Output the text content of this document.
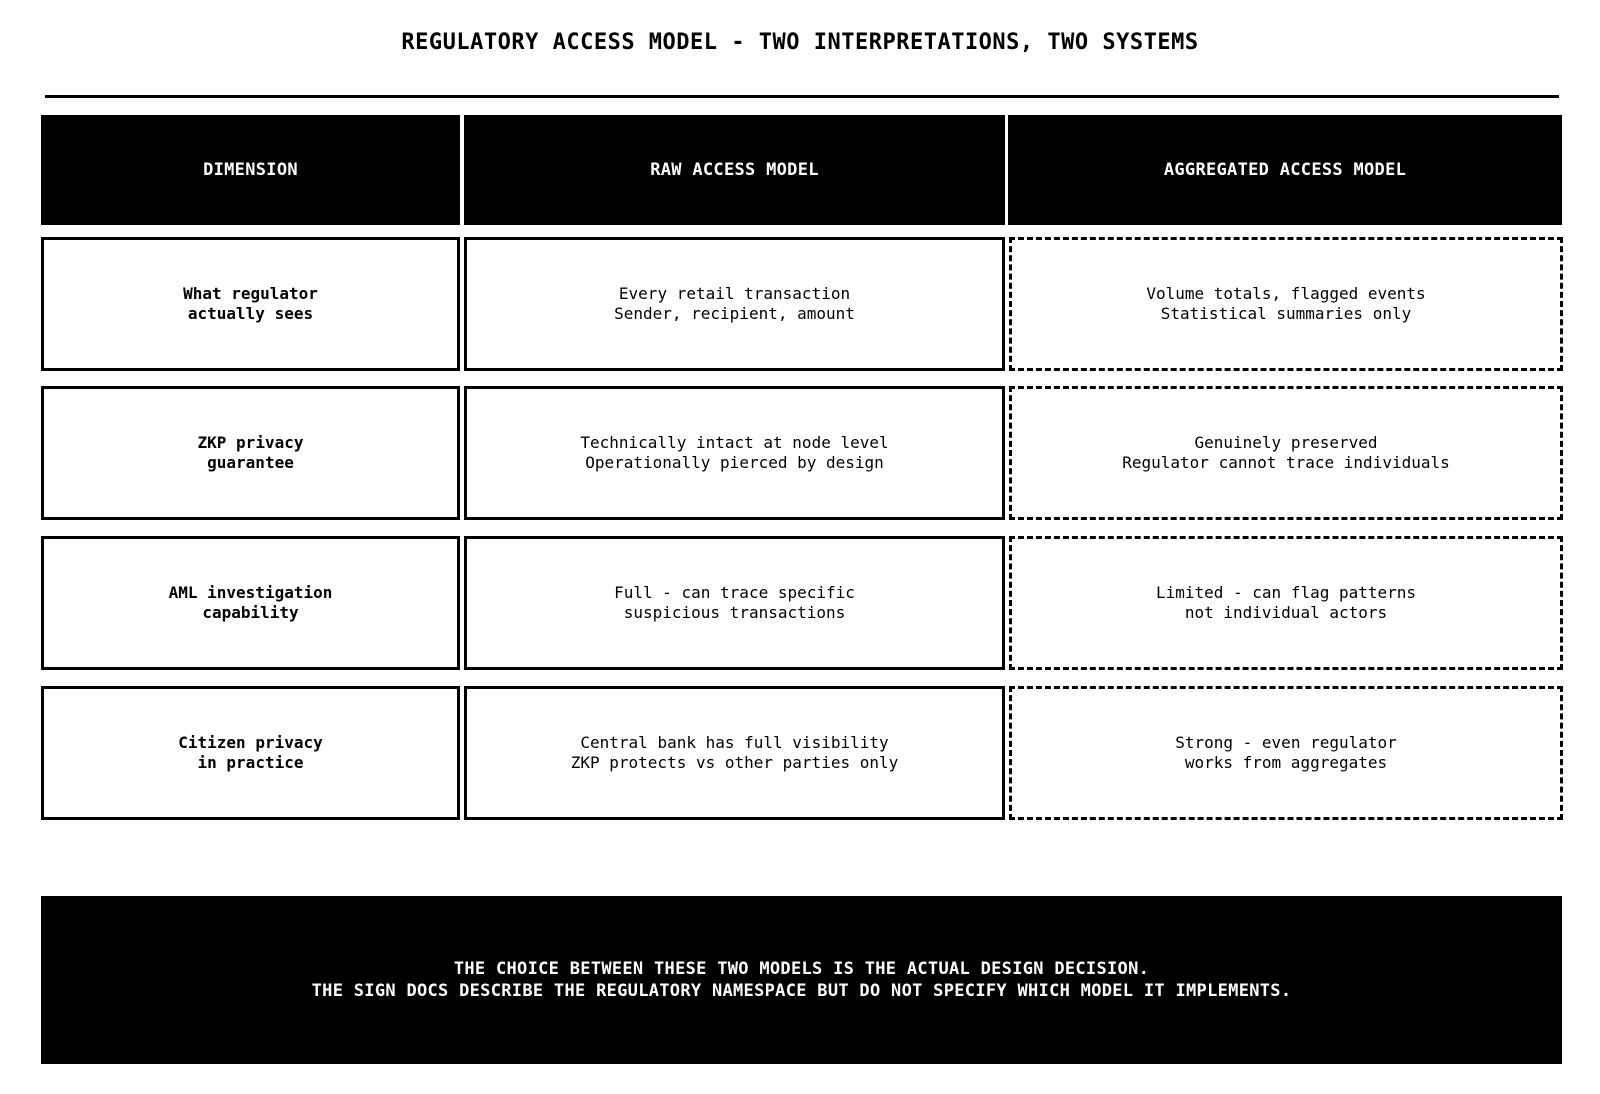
REGULATORY ACCESS MODEL - TWO INTERPRETATIONS, TWO SYSTEMS
DIMENSION	RAW ACCESS MODEL	AGGREGATED ACCESS MODEL
What regulator
actually sees
Every retail transaction
Sender, recipient, amount
Volume totals, flagged events
Statistical summaries only
ZKP privacy
guarantee
Technically intact at node level
Operationally pierced by design
Genuinely preserved
Regulator cannot trace individuals
AML investigation
capability
Full - can trace specific
suspicious transactions
Limited - can flag patterns
not individual actors
Citizen privacy
in practice
Central bank has full visibility
ZKP protects vs other parties only
Strong - even regulator
works from aggregates
THE CHOICE BETWEEN THESE TWO MODELS IS THE ACTUAL DESIGN DECISION.
THE SIGN DOCS DESCRIBE THE REGULATORY NAMESPACE BUT DO NOT SPECIFY WHICH MODEL IT IMPLEMENTS.
